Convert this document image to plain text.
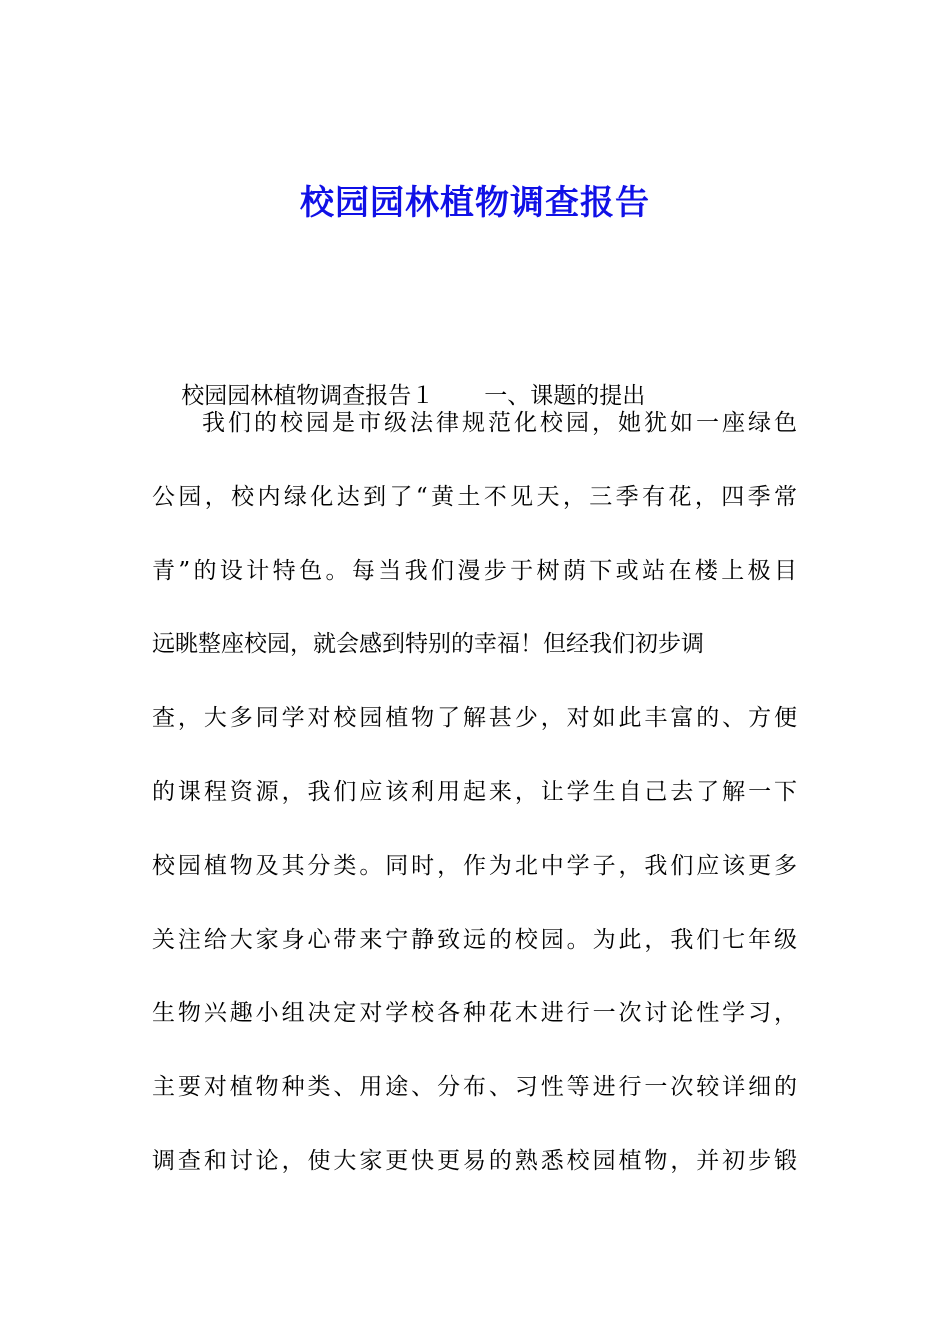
校园园林植物调查报告

校园园林植物调查报告１ 一、课题的提出

我们的校园是市级法律规范化校园，她犹如一座绿色
公园，校内绿化达到了“黄土不见天，三季有花，四季常
青”的设计特色。每当我们漫步于树荫下或站在楼上极目
远眺整座校园，就会感到特别的幸福！但经我们初步调
查，大多同学对校园植物了解甚少，对如此丰富的、方便
的课程资源，我们应该利用起来，让学生自己去了解一下
校园植物及其分类。同时，作为北中学子，我们应该更多
关注给大家身心带来宁静致远的校园。为此，我们七年级
生物兴趣小组决定对学校各种花木进行一次讨论性学习，
主要对植物种类、用途、分布、习性等进行一次较详细的
调查和讨论，使大家更快更易的熟悉校园植物，并初步锻
